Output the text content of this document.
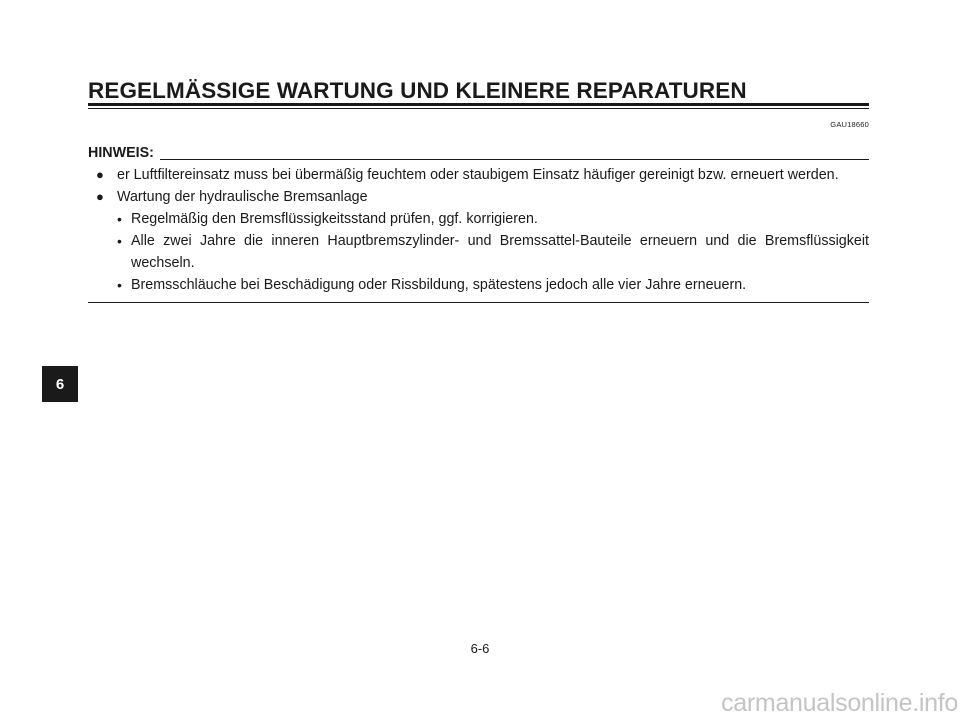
REGELMÄSSIGE WARTUNG UND KLEINERE REPARATUREN
GAU18660
HINWEIS:
● er Luftfiltereinsatz muss bei übermäßig feuchtem oder staubigem Einsatz häufiger gereinigt bzw. erneuert werden.
● Wartung der hydraulische Bremsanlage
• Regelmäßig den Bremsflüssigkeitsstand prüfen, ggf. korrigieren.
• Alle zwei Jahre die inneren Hauptbremszylinder- und Bremssattel-Bauteile erneuern und die Bremsflüssigkeit wechseln.
• Bremsschläuche bei Beschädigung oder Rissbildung, spätestens jedoch alle vier Jahre erneuern.
6
6-6
carmanualsonline.info
